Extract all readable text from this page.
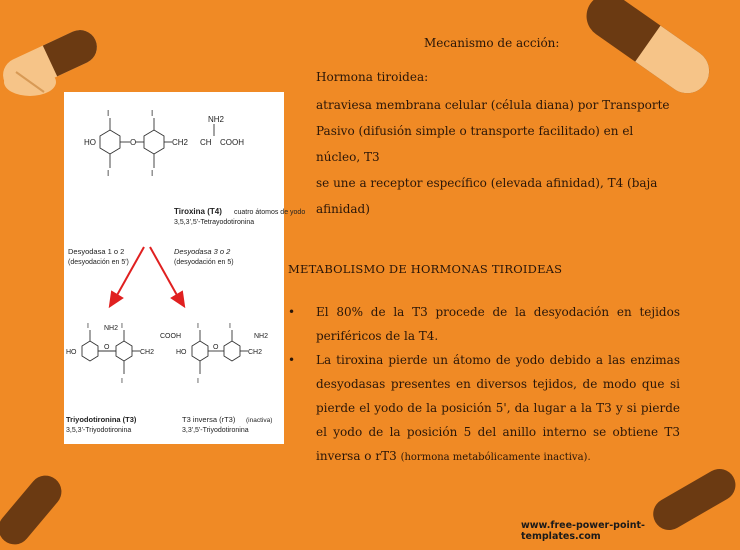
HO	O	CH2 CH COOH
NH2
I
I
I
I
HO
O
CH2
NH2
COOH
I	I
I
HO
O
CH2
NH2
I
I
I
Tiroxina (T4) cuatro átomos de yodo
3,5,3',5'-Tetrayodotironina
Desyodasa 1 o 2
(desyodación en 5')
Desyodasa 3 o 2
(desyodación en 5)
Triyodotironina (T3)
3,5,3'-Triyodotironina
T3 inversa (rT3) (inactiva)
3,3',5'-Triyodotironina
Mecanismo de acción:
Hormona tiroidea:

atraviesa membrana celular (célula diana) por Transporte

Pasivo (difusión simple o transporte facilitado) en el núcleo, T3

se une a receptor específico (elevada afinidad), T4 (baja

afinidad)

METABOLISMO DE HORMONAS TIROIDEAS
• El 80% de la T3 procede de la desyodación en tejidos periféricos de la T4.
• La tiroxina pierde un átomo de yodo debido a las enzimas desyodasas presentes en diversos tejidos, de modo que si pierde el yodo de la posición 5', da lugar a la T3 y si pierde el yodo de la posición 5 del anillo interno se obtiene T3 inversa o rT3 (hormona metabólicamente inactiva).
www.free-power-point-templates.com
